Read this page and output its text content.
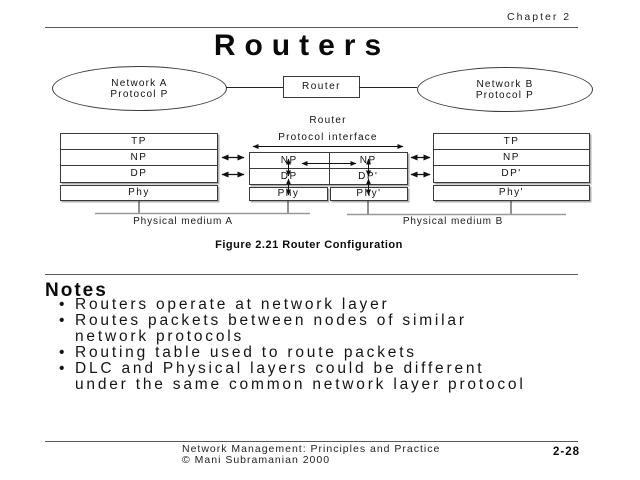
Chapter 2
Routers
Network A
Protocol P
Router	Network B
Protocol P
Router
Protocol interface
TP
NP
DP
Phy
NP	NP
DP	DP'
Phy	Phy'
TP
NP
DP'
Phy'
Physical medium A	Physical medium B
Figure 2.21 Router Configuration
Notes
• Routers operate at network layer
• Routes packets between nodes of similar
network protocols
• Routing table used to route packets
• DLC and Physical layers could be different
under the same common network layer protocol
Network Management: Principles and Practice
© Mani Subramanian 2000
2-28
